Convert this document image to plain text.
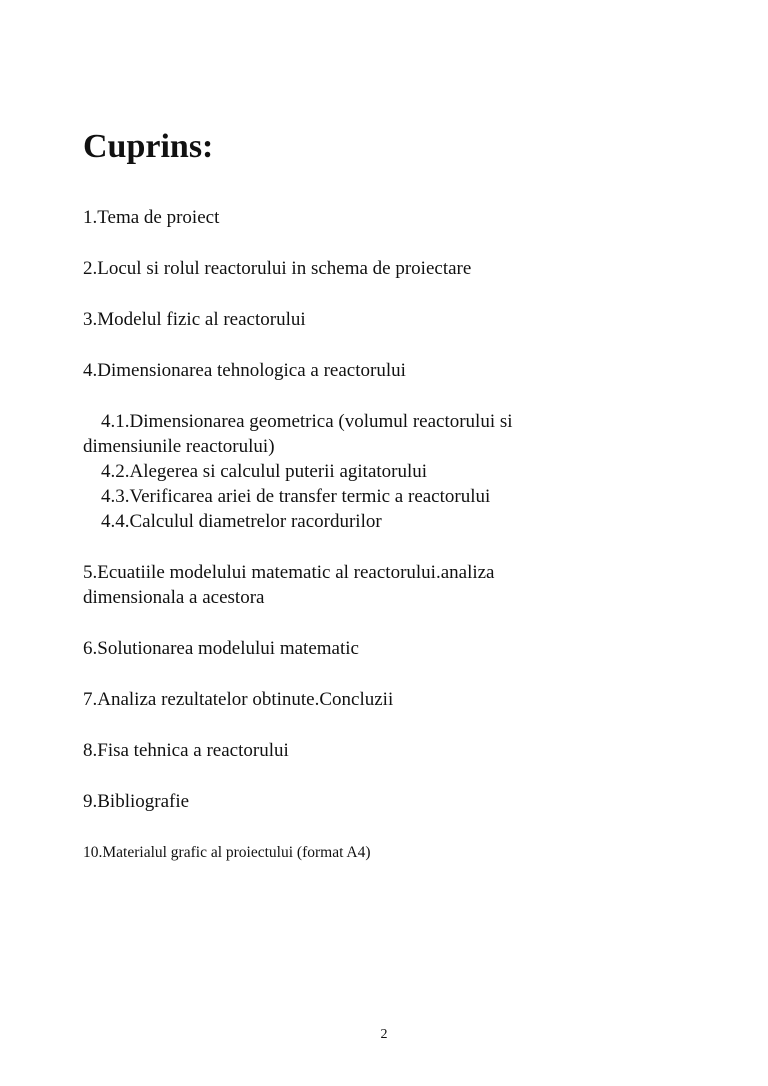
Cuprins:
1.Tema de proiect
2.Locul si rolul reactorului in schema de proiectare
3.Modelul fizic al reactorului
4.Dimensionarea tehnologica a reactorului
4.1.Dimensionarea geometrica (volumul reactorului si
dimensiunile reactorului)
4.2.Alegerea si calculul puterii agitatorului
4.3.Verificarea ariei de transfer termic a reactorului
4.4.Calculul diametrelor racordurilor
5.Ecuatiile modelului matematic al reactorului.analiza
dimensionala a acestora
6.Solutionarea modelului matematic
7.Analiza rezultatelor obtinute.Concluzii
8.Fisa tehnica a reactorului
9.Bibliografie
10.Materialul grafic al proiectului (format A4)
2
